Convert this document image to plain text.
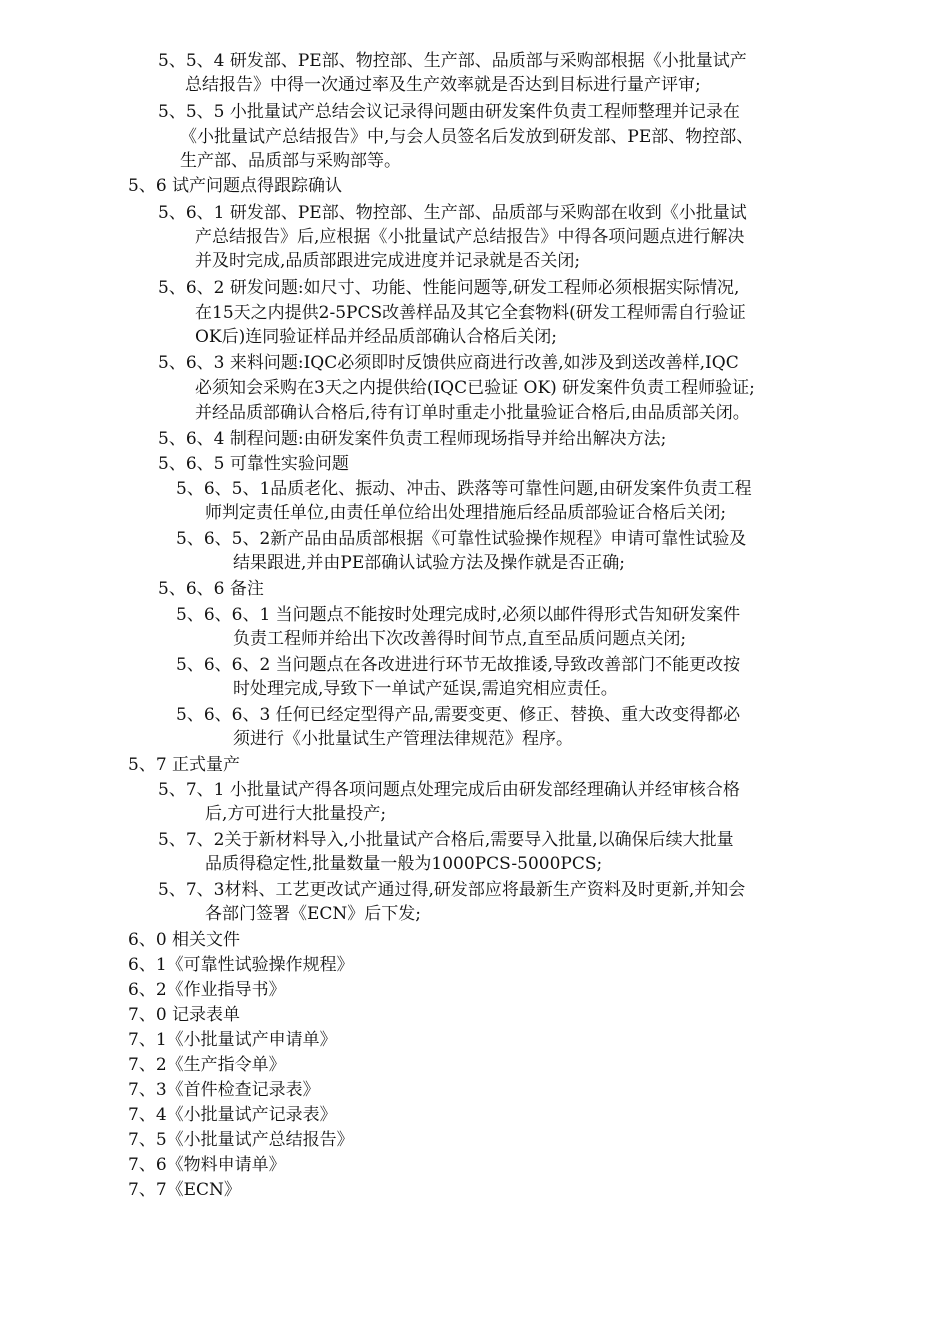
5、5、4 研发部、PE部、物控部、生产部、品质部与采购部根据《小批量试产
总结报告》中得一次通过率及生产效率就是否达到目标进行量产评审;
5、5、5 小批量试产总结会议记录得问题由研发案件负责工程师整理并记录在
《小批量试产总结报告》中,与会人员签名后发放到研发部、PE部、物控部、
生产部、品质部与采购部等。
5、6 试产问题点得跟踪确认
5、6、1 研发部、PE部、物控部、生产部、品质部与采购部在收到《小批量试
产总结报告》后,应根据《小批量试产总结报告》中得各项问题点进行解决
并及时完成,品质部跟进完成进度并记录就是否关闭;
5、6、2 研发问题:如尺寸、功能、性能问题等,研发工程师必须根据实际情况,
在15天之内提供2-5PCS改善样品及其它全套物料(研发工程师需自行验证
OK后)连同验证样品并经品质部确认合格后关闭;
5、6、3 来料问题:IQC必须即时反馈供应商进行改善,如涉及到送改善样,IQC
必须知会采购在3天之内提供给(IQC已验证 OK) 研发案件负责工程师验证;
并经品质部确认合格后,待有订单时重走小批量验证合格后,由品质部关闭。
5、6、4 制程问题:由研发案件负责工程师现场指导并给出解决方法;
5、6、5 可靠性实验问题
5、6、5、1品质老化、振动、冲击、跌落等可靠性问题,由研发案件负责工程
师判定责任单位,由责任单位给出处理措施后经品质部验证合格后关闭;
5、6、5、2新产品由品质部根据《可靠性试验操作规程》申请可靠性试验及
结果跟进,并由PE部确认试验方法及操作就是否正确;
5、6、6 备注
5、6、6、1 当问题点不能按时处理完成时,必须以邮件得形式告知研发案件
负责工程师并给出下次改善得时间节点,直至品质问题点关闭;
5、6、6、2 当问题点在各改进进行环节无故推诿,导致改善部门不能更改按
时处理完成,导致下一单试产延误,需追究相应责任。
5、6、6、3 任何已经定型得产品,需要变更、修正、替换、重大改变得都必
须进行《小批量试生产管理法律规范》程序。
5、7 正式量产
5、7、1 小批量试产得各项问题点处理完成后由研发部经理确认并经审核合格
后,方可进行大批量投产;
5、7、2关于新材料导入,小批量试产合格后,需要导入批量,以确保后续大批量
品质得稳定性,批量数量一般为1000PCS-5000PCS;
5、7、3材料、工艺更改试产通过得,研发部应将最新生产资料及时更新,并知会
各部门签署《ECN》后下发;
6、0 相关文件
6、1《可靠性试验操作规程》
6、2《作业指导书》
7、0 记录表单
7、1《小批量试产申请单》
7、2《生产指令单》
7、3《首件检查记录表》
7、4《小批量试产记录表》
7、5《小批量试产总结报告》
7、6《物料申请单》
7、7《ECN》
